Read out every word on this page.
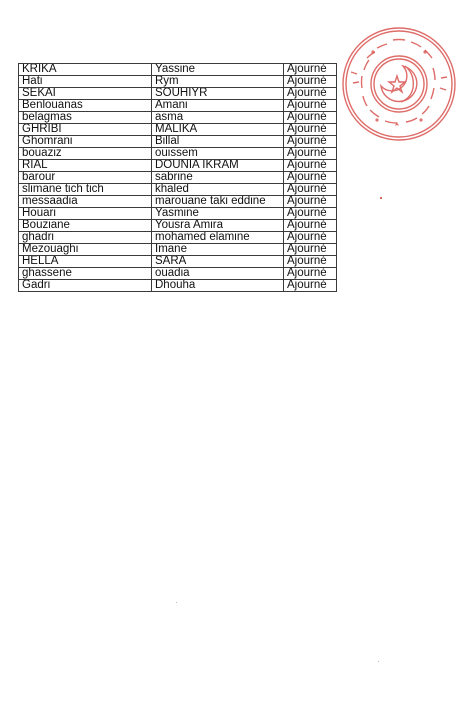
KRIKA	Yassine	Ajourné
Hati	Rym	Ajourné
SEKAI	SOUHIYR	Ajourné
Benlouanas	Amani	Ajourné
belagmas	asma	Ajourné
GHRIBI	MALIKA	Ajourné
Ghomrani	Billal	Ajourné
bouaziz	ouissem	Ajourné
RIAL	DOUNIA IKRAM	Ajourné
barour	sabrine	Ajourné
slimane tich tich	khaled	Ajourné
messaadia	marouane taki eddine	Ajourné
Houari	Yasmine	Ajourné
Bouziane	Yousra Amira	Ajourné
ghadri	mohamed elamine	Ajourné
Mezouaghi	Imane	Ajourné
HELLA	SARA	Ajourné
ghassene	ouadia	Ajourné
Gadri	Dhouha	Ajourné
